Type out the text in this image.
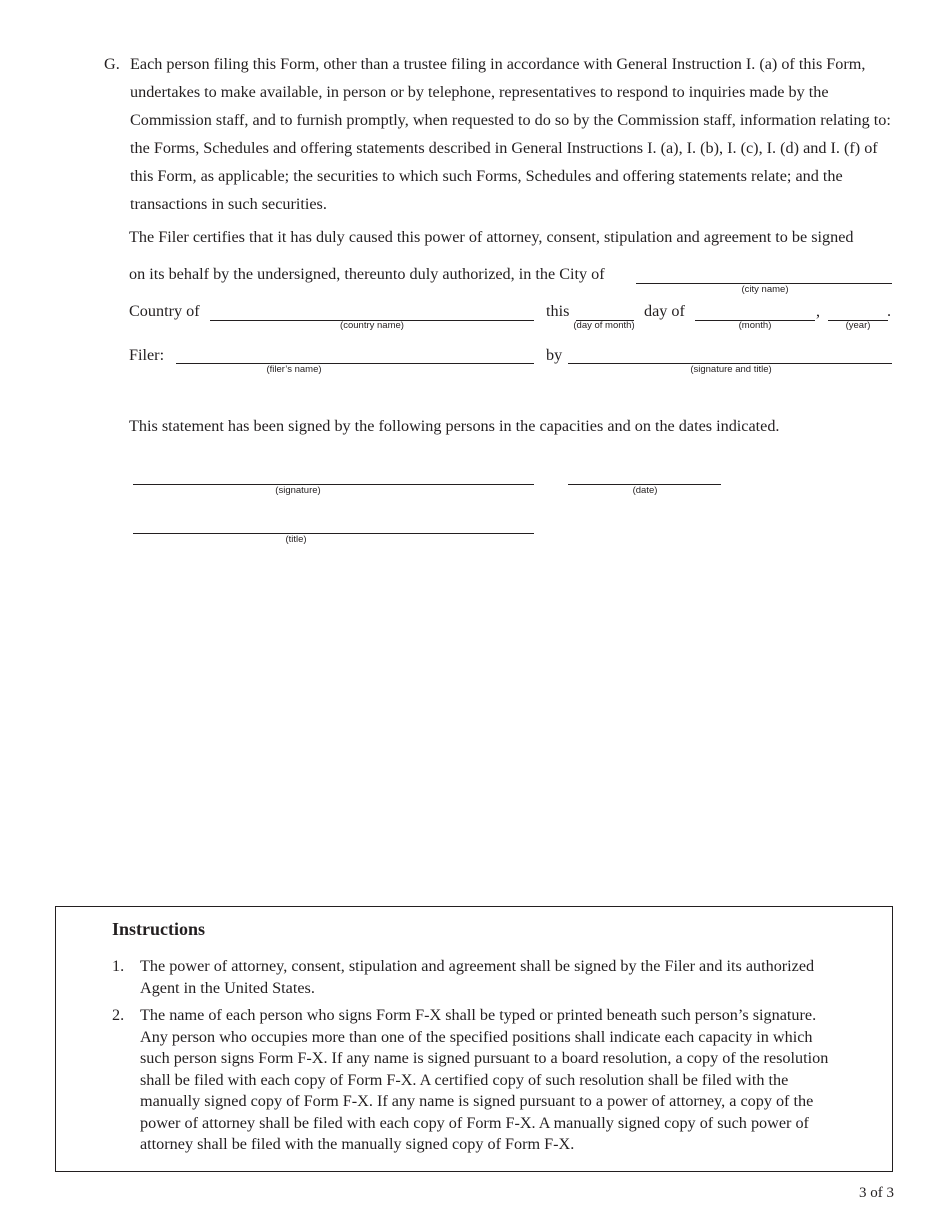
G. Each person filing this Form, other than a trustee filing in accordance with General Instruction I. (a) of this Form, undertakes to make available, in person or by telephone, representatives to respond to inquiries made by the Commission staff, and to furnish promptly, when requested to do so by the Commission staff, information relating to: the Forms, Schedules and offering statements described in General Instructions I. (a), I. (b), I. (c), I. (d) and I. (f) of this Form, as applicable; the securities to which such Forms, Schedules and offering statements relate; and the transactions in such securities.
The Filer certifies that it has duly caused this power of attorney, consent, stipulation and agreement to be signed
on its behalf by the undersigned, thereunto duly authorized, in the City of
(city name)
Country of
(country name)
this
(day of month)
day of
(month)
,
(year)
.
Filer:
(filer’s name)
by
(signature and title)
This statement has been signed by the following persons in the capacities and on the dates indicated.
(signature)	(date)
(title)
Instructions
1. The power of attorney, consent, stipulation and agreement shall be signed by the Filer and its authorized Agent in the United States.
2. The name of each person who signs Form F-X shall be typed or printed beneath such person’s signature. Any person who occupies more than one of the specified positions shall indicate each capacity in which such person signs Form F-X. If any name is signed pursuant to a board resolution, a copy of the resolution shall be filed with each copy of Form F-X. A certified copy of such resolution shall be filed with the manually signed copy of Form F-X. If any name is signed pursuant to a power of attorney, a copy of the power of attorney shall be filed with each copy of Form F-X. A manually signed copy of such power of attorney shall be filed with the manually signed copy of Form F-X.
3 of 3
